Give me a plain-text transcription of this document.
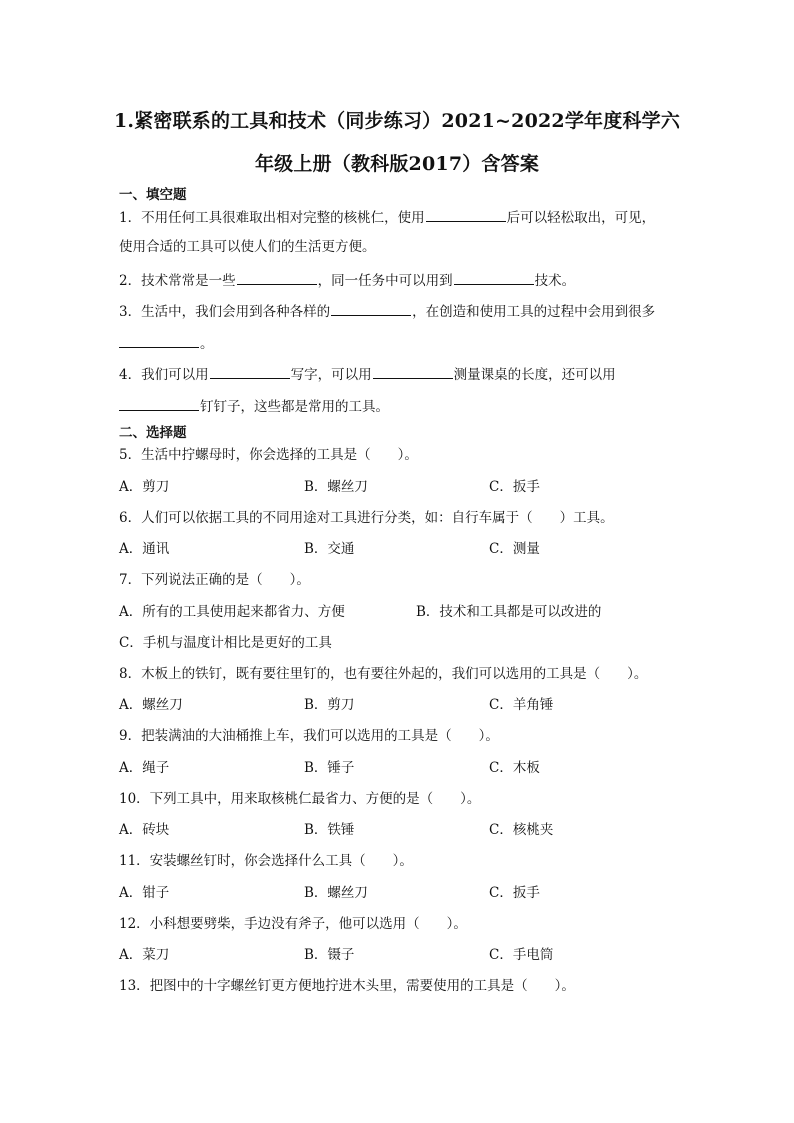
1.紧密联系的工具和技术（同步练习）2021~2022学年度科学六
年级上册（教科版2017）含答案
一、填空题
1．不用任何工具很难取出相对完整的核桃仁，使用	后可以轻松取出，可见，
使用合适的工具可以使人们的生活更方便。
2．技术常常是一些	，同一任务中可以用到	技术。
3．生活中，我们会用到各种各样的	，在创造和使用工具的过程中会用到很多
。
4．我们可以用	写字，可以用	测量课桌的长度，还可以用
钉钉子，这些都是常用的工具。
二、选择题
5．生活中拧螺母时，你会选择的工具是（　　）。
A．剪刀	B．螺丝刀	C．扳手
6．人们可以依据工具的不同用途对工具进行分类，如：自行车属于（　　）工具。
A．通讯	B．交通	C．测量
7．下列说法正确的是（　　）。
A．所有的工具使用起来都省力、方便	B．技术和工具都是可以改进的
C．手机与温度计相比是更好的工具
8．木板上的铁钉，既有要往里钉的，也有要往外起的，我们可以选用的工具是（　　）。
A．螺丝刀	B．剪刀	C．羊角锤
9．把装满油的大油桶推上车，我们可以选用的工具是（　　）。
A．绳子	B．锤子	C．木板
10．下列工具中，用来取核桃仁最省力、方便的是（　　）。
A．砖块	B．铁锤	C．核桃夹
11．安装螺丝钉时，你会选择什么工具（　　）。
A．钳子	B．螺丝刀	C．扳手
12．小科想要劈柴，手边没有斧子，他可以选用（　　）。
A．菜刀	B．镊子	C．手电筒
13．把图中的十字螺丝钉更方便地拧进木头里，需要使用的工具是（　　）。
